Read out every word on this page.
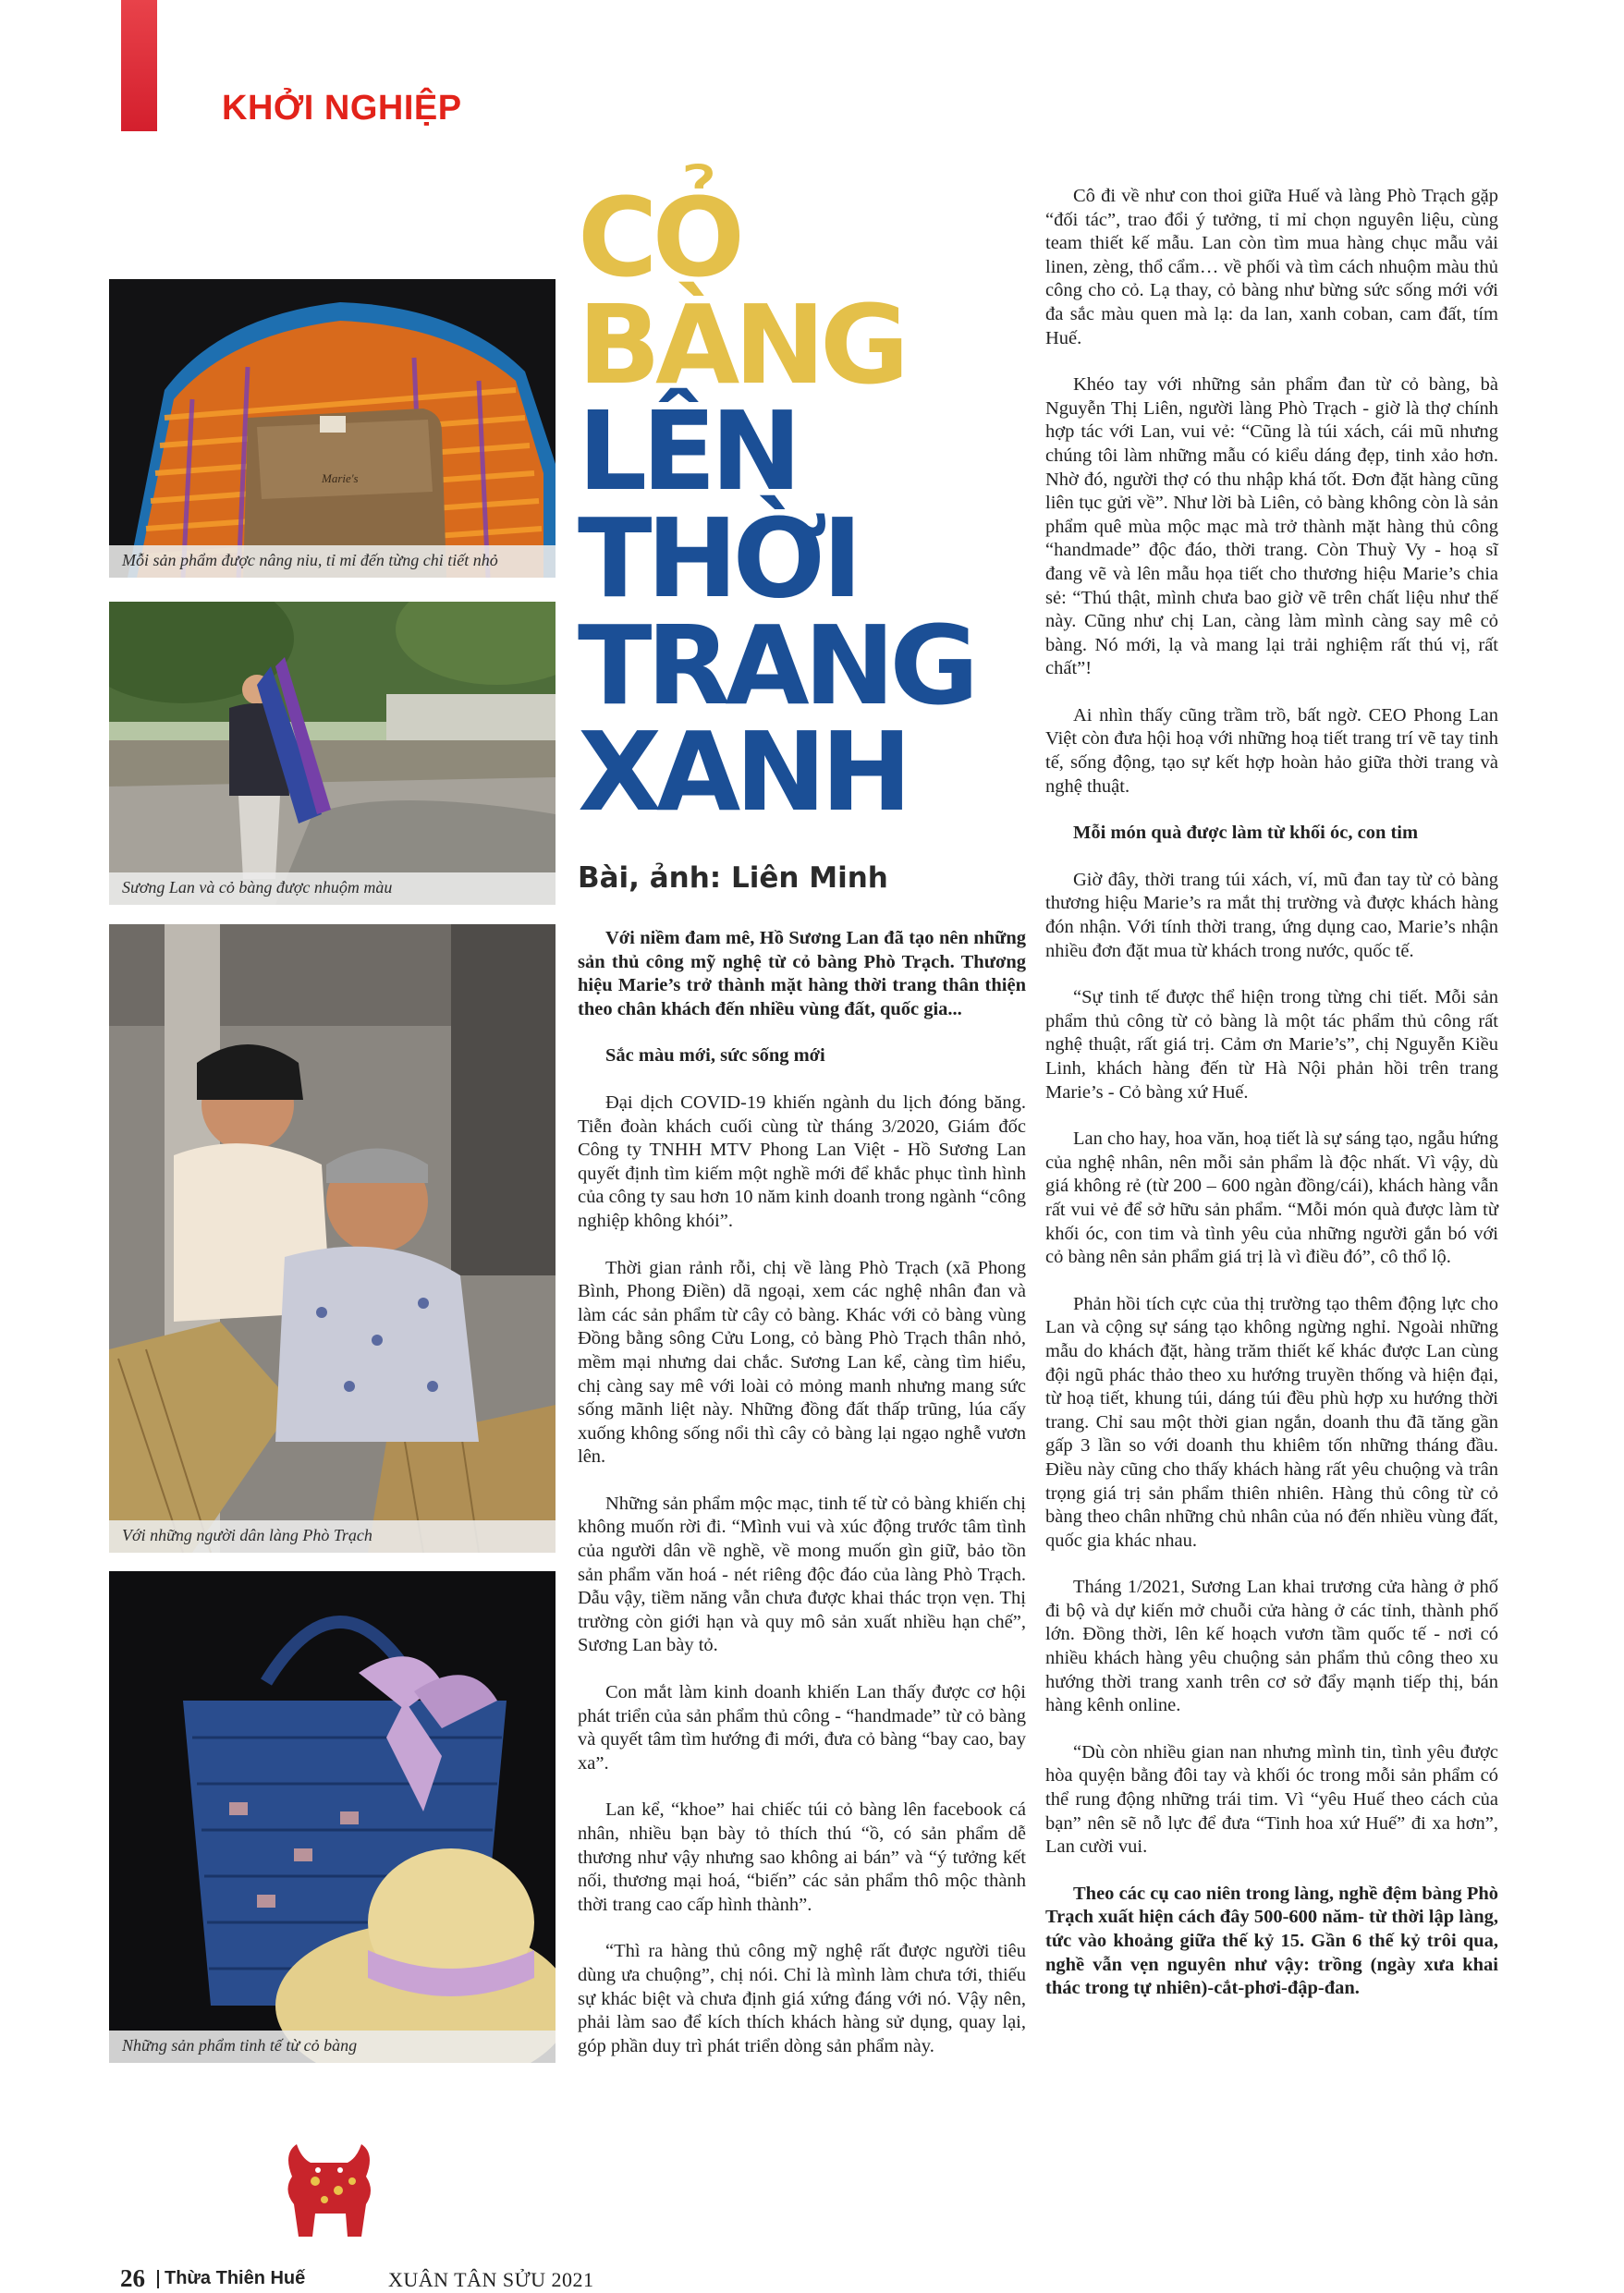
KHỞI NGHIỆP
Marie's
Mỗi sản phẩm được nâng niu, tỉ mỉ đến từng chi tiết nhỏ
Sương Lan và cỏ bàng được nhuộm màu
Với những người dân làng Phò Trạch
Những sản phẩm tinh tế từ cỏ bàng
CỎ
BÀNG
LÊN
THỜI
TRANG
XANH
Bài, ảnh: Liên Minh

Với niềm đam mê, Hồ Sương Lan đã tạo nên những sản thủ công mỹ nghệ từ cỏ bàng Phò Trạch. Thương hiệu Marie’s trở thành mặt hàng thời trang thân thiện theo chân khách đến nhiều vùng đất, quốc gia...

Sắc màu mới, sức sống mới

Đại dịch COVID-19 khiến ngành du lịch đóng băng. Tiễn đoàn khách cuối cùng từ tháng 3/2020, Giám đốc Công ty TNHH MTV Phong Lan Việt - Hồ Sương Lan quyết định tìm kiếm một nghề mới để khắc phục tình hình của công ty sau hơn 10 năm kinh doanh trong ngành “công nghiệp không khói”.

Thời gian rảnh rỗi, chị về làng Phò Trạch (xã Phong Bình, Phong Điền) dã ngoại, xem các nghệ nhân đan và làm các sản phẩm từ cây cỏ bàng. Khác với cỏ bàng vùng Đồng bằng sông Cửu Long, cỏ bàng Phò Trạch thân nhỏ, mềm mại nhưng dai chắc. Sương Lan kể, càng tìm hiểu, chị càng say mê với loài cỏ mỏng manh nhưng mang sức sống mãnh liệt này. Những đồng đất thấp trũng, lúa cấy xuống không sống nổi thì cây cỏ bàng lại ngạo nghễ vươn lên.

Những sản phẩm mộc mạc, tinh tế từ cỏ bàng khiến chị không muốn rời đi. “Mình vui và xúc động trước tâm tình của người dân về nghề, về mong muốn gìn giữ, bảo tồn sản phẩm văn hoá - nét riêng độc đáo của làng Phò Trạch. Dẫu vậy, tiềm năng vẫn chưa được khai thác trọn vẹn. Thị trường còn giới hạn và quy mô sản xuất nhiều hạn chế”, Sương Lan bày tỏ.

Con mắt làm kinh doanh khiến Lan thấy được cơ hội phát triển của sản phẩm thủ công - “handmade” từ cỏ bàng và quyết tâm tìm hướng đi mới, đưa cỏ bàng “bay cao, bay xa”.

Lan kể, “khoe” hai chiếc túi cỏ bàng lên facebook cá nhân, nhiều bạn bày tỏ thích thú “ồ, có sản phẩm dễ thương như vậy nhưng sao không ai bán” và “ý tưởng kết nối, thương mại hoá, “biến” các sản phẩm thô mộc thành thời trang cao cấp hình thành”.

“Thì ra hàng thủ công mỹ nghệ rất được người tiêu dùng ưa chuộng”, chị nói. Chỉ là mình làm chưa tới, thiếu sự khác biệt và chưa định giá xứng đáng với nó. Vậy nên, phải làm sao để kích thích khách hàng sử dụng, quay lại, góp phần duy trì phát triển dòng sản phẩm này.

Cô đi về như con thoi giữa Huế và làng Phò Trạch gặp “đối tác”, trao đổi ý tưởng, tỉ mỉ chọn nguyên liệu, cùng team thiết kế mẫu. Lan còn tìm mua hàng chục mẫu vải linen, zèng, thổ cẩm… về phối và tìm cách nhuộm màu thủ công cho cỏ. Lạ thay, cỏ bàng như bừng sức sống mới với đa sắc màu quen mà lạ: da lan, xanh coban, cam đất, tím Huế.

Khéo tay với những sản phẩm đan từ cỏ bàng, bà Nguyễn Thị Liên, người làng Phò Trạch - giờ là thợ chính hợp tác với Lan, vui vẻ: “Cũng là túi xách, cái mũ nhưng chúng tôi làm những mẫu có kiểu dáng đẹp, tinh xảo hơn. Nhờ đó, người thợ có thu nhập khá tốt. Đơn đặt hàng cũng liên tục gửi về”. Như lời bà Liên, cỏ bàng không còn là sản phẩm quê mùa mộc mạc mà trở thành mặt hàng thủ công “handmade” độc đáo, thời trang. Còn Thuỳ Vy - hoạ sĩ đang vẽ và lên mẫu họa tiết cho thương hiệu Marie’s chia sẻ: “Thú thật, mình chưa bao giờ vẽ trên chất liệu như thế này. Cũng như chị Lan, càng làm mình càng say mê cỏ bàng. Nó mới, lạ và mang lại trải nghiệm rất thú vị, rất chất”!

Ai nhìn thấy cũng trầm trồ, bất ngờ. CEO Phong Lan Việt còn đưa hội hoạ với những hoạ tiết trang trí vẽ tay tinh tế, sống động, tạo sự kết hợp hoàn hảo giữa thời trang và nghệ thuật.

Mỗi món quà được làm từ khối óc, con tim

Giờ đây, thời trang túi xách, ví, mũ đan tay từ cỏ bàng thương hiệu Marie’s ra mắt thị trường và được khách hàng đón nhận. Với tính thời trang, ứng dụng cao, Marie’s nhận nhiều đơn đặt mua từ khách trong nước, quốc tế.

“Sự tinh tế được thể hiện trong từng chi tiết. Mỗi sản phẩm thủ công từ cỏ bàng là một tác phẩm thủ công rất nghệ thuật, rất giá trị. Cảm ơn Marie’s”, chị Nguyễn Kiều Linh, khách hàng đến từ Hà Nội phản hồi trên trang Marie’s - Cỏ bàng xứ Huế.

Lan cho hay, hoa văn, hoạ tiết là sự sáng tạo, ngẫu hứng của nghệ nhân, nên mỗi sản phẩm là độc nhất. Vì vậy, dù giá không rẻ (từ 200 – 600 ngàn đồng/cái), khách hàng vẫn rất vui vẻ để sở hữu sản phẩm. “Mỗi món quà được làm từ khối óc, con tim và tình yêu của những người gắn bó với cỏ bàng nên sản phẩm giá trị là vì điều đó”, cô thổ lộ.

Phản hồi tích cực của thị trường tạo thêm động lực cho Lan và cộng sự sáng tạo không ngừng nghỉ. Ngoài những mẫu do khách đặt, hàng trăm thiết kế khác được Lan cùng đội ngũ phác thảo theo xu hướng truyền thống và hiện đại, từ hoạ tiết, khung túi, dáng túi đều phù hợp xu hướng thời trang. Chỉ sau một thời gian ngắn, doanh thu đã tăng gần gấp 3 lần so với doanh thu khiêm tốn những tháng đầu. Điều này cũng cho thấy khách hàng rất yêu chuộng và trân trọng giá trị sản phẩm thiên nhiên. Hàng thủ công từ cỏ bàng theo chân những chủ nhân của nó đến nhiều vùng đất, quốc gia khác nhau.

Tháng 1/2021, Sương Lan khai trương cửa hàng ở phố đi bộ và dự kiến mở chuỗi cửa hàng ở các tỉnh, thành phố lớn. Đồng thời, lên kế hoạch vươn tầm quốc tế - nơi có nhiều khách hàng yêu chuộng sản phẩm thủ công theo xu hướng thời trang xanh trên cơ sở đẩy mạnh tiếp thị, bán hàng kênh online.

“Dù còn nhiều gian nan nhưng mình tin, tình yêu được hòa quyện bằng đôi tay và khối óc trong mỗi sản phẩm có thể rung động những trái tim. Vì “yêu Huế theo cách của bạn” nên sẽ nỗ lực để đưa “Tinh hoa xứ Huế” đi xa hơn”, Lan cười vui.

Theo các cụ cao niên trong làng, nghề đệm bàng Phò Trạch xuất hiện cách đây 500-600 năm- từ thời lập làng, tức vào khoảng giữa thế kỷ 15. Gần 6 thế kỷ trôi qua, nghề vẫn vẹn nguyên như vậy: trồng (ngày xưa khai thác trong tự nhiên)-cắt-phơi-đập-đan.

26 Thừa Thiên Huế	XUÂN TÂN SỬU 2021
